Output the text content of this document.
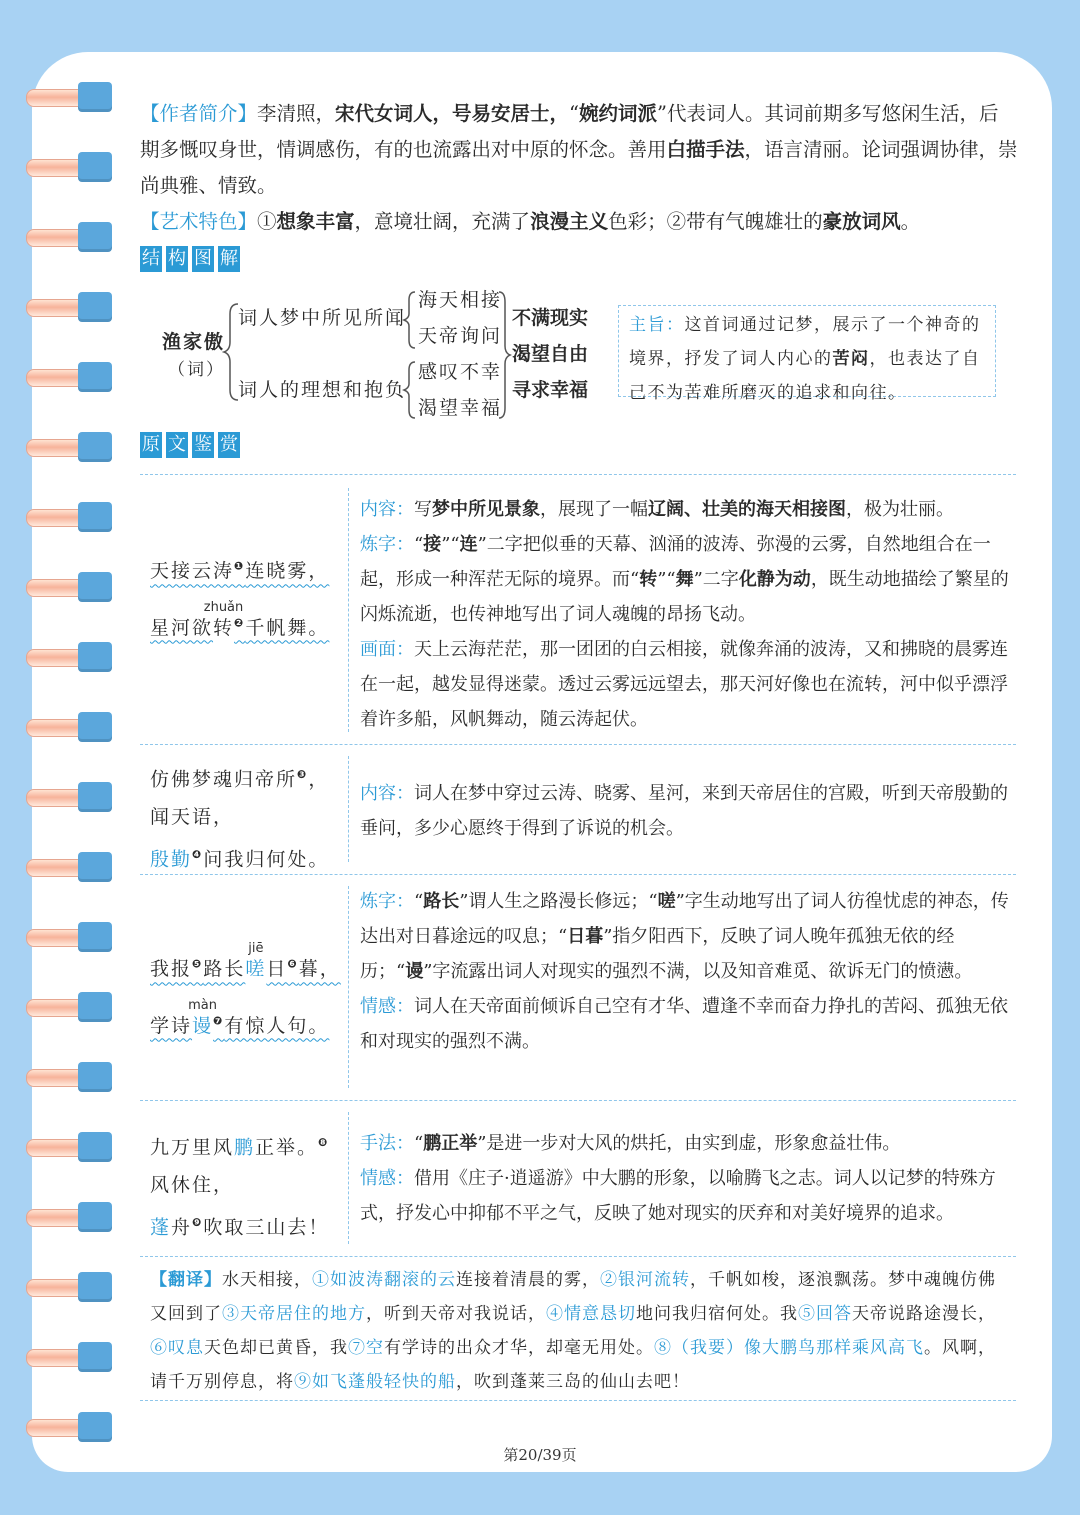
【作者简介】李清照，宋代女词人，号易安居士，“婉约词派”代表词人。其词前期多写悠闲生活，后期多慨叹身世，情调感伤，有的也流露出对中原的怀念。善用白描手法，语言清丽。论词强调协律，崇尚典雅、情致。
【艺术特色】①想象丰富，意境壮阔，充满了浪漫主义色彩；②带有气魄雄壮的豪放词风。
结 构 图 解
渔家傲
（词）
词人梦中所见所闻
词人的理想和抱负
海天相接
天帝询问
感叹不幸
渴望幸福
不满现实
渴望自由
寻求幸福
主旨：这首词通过记梦，展示了一个神奇的境界，抒发了词人内心的苦闷，也表达了自己不为苦难所磨灭的追求和向往。
原 文 鉴 赏
天接云涛$^❶$连晓雾，
星河欲
zhuǎn
转$^❷$千帆舞。
内容：写梦中所见景象，展现了一幅辽阔、壮美的海天相接图，极为壮丽。
炼字：“接”“连”二字把似垂的天幕、汹涌的波涛、弥漫的云雾，自然地组合在一起，形成一种浑茫无际的境界。而“转”“舞”二字化静为动，既生动地描绘了繁星的闪烁流逝，也传神地写出了词人魂魄的昂扬飞动。
画面：天上云海茫茫，那一团团的白云相接，就像奔涌的波涛，又和拂晓的晨雾连在一起，越发显得迷蒙。透过云雾远远望去，那天河好像也在流转，河中似乎漂浮着许多船，风帆舞动，随云涛起伏。
仿佛梦魂归帝所$^❸$，
闻天语，
殷勤$^❹$问我归何处。
内容：词人在梦中穿过云涛、晓雾、星河，来到天帝居住的宫殿，听到天帝殷勤的垂问，多少心愿终于得到了诉说的机会。
我报$^❺$路长
jiē
嗟日$^❻$暮，
学诗
màn
谩$^❼$有惊人句。
炼字：“路长”谓人生之路漫长修远；“嗟”字生动地写出了词人彷徨忧虑的神态，传达出对日暮途远的叹息；“日暮”指夕阳西下，反映了词人晚年孤独无依的经历；“谩”字流露出词人对现实的强烈不满，以及知音难觅、欲诉无门的愤懑。
情感：词人在天帝面前倾诉自己空有才华、遭逢不幸而奋力挣扎的苦闷、孤独无依和对现实的强烈不满。
九万里风鹏正举。$^❽$
风休住，
蓬舟$^❾$吹取三山去！
手法：“鹏正举”是进一步对大风的烘托，由实到虚，形象愈益壮伟。
情感：借用《庄子·逍遥游》中大鹏的形象，以喻腾飞之志。词人以记梦的特殊方式，抒发心中抑郁不平之气，反映了她对现实的厌弃和对美好境界的追求。
【翻译】水天相接，①如波涛翻滚的云连接着清晨的雾，②银河流转，千帆如梭，逐浪飘荡。梦中魂魄仿佛又回到了③天帝居住的地方，听到天帝对我说话，④情意恳切地问我归宿何处。我⑤回答天帝说路途漫长，⑥叹息天色却已黄昏，我⑦空有学诗的出众才华，却毫无用处。⑧（我要）像大鹏鸟那样乘风高飞。风啊，请千万别停息，将⑨如飞蓬般轻快的船，吹到蓬莱三岛的仙山去吧！
第20/39页
